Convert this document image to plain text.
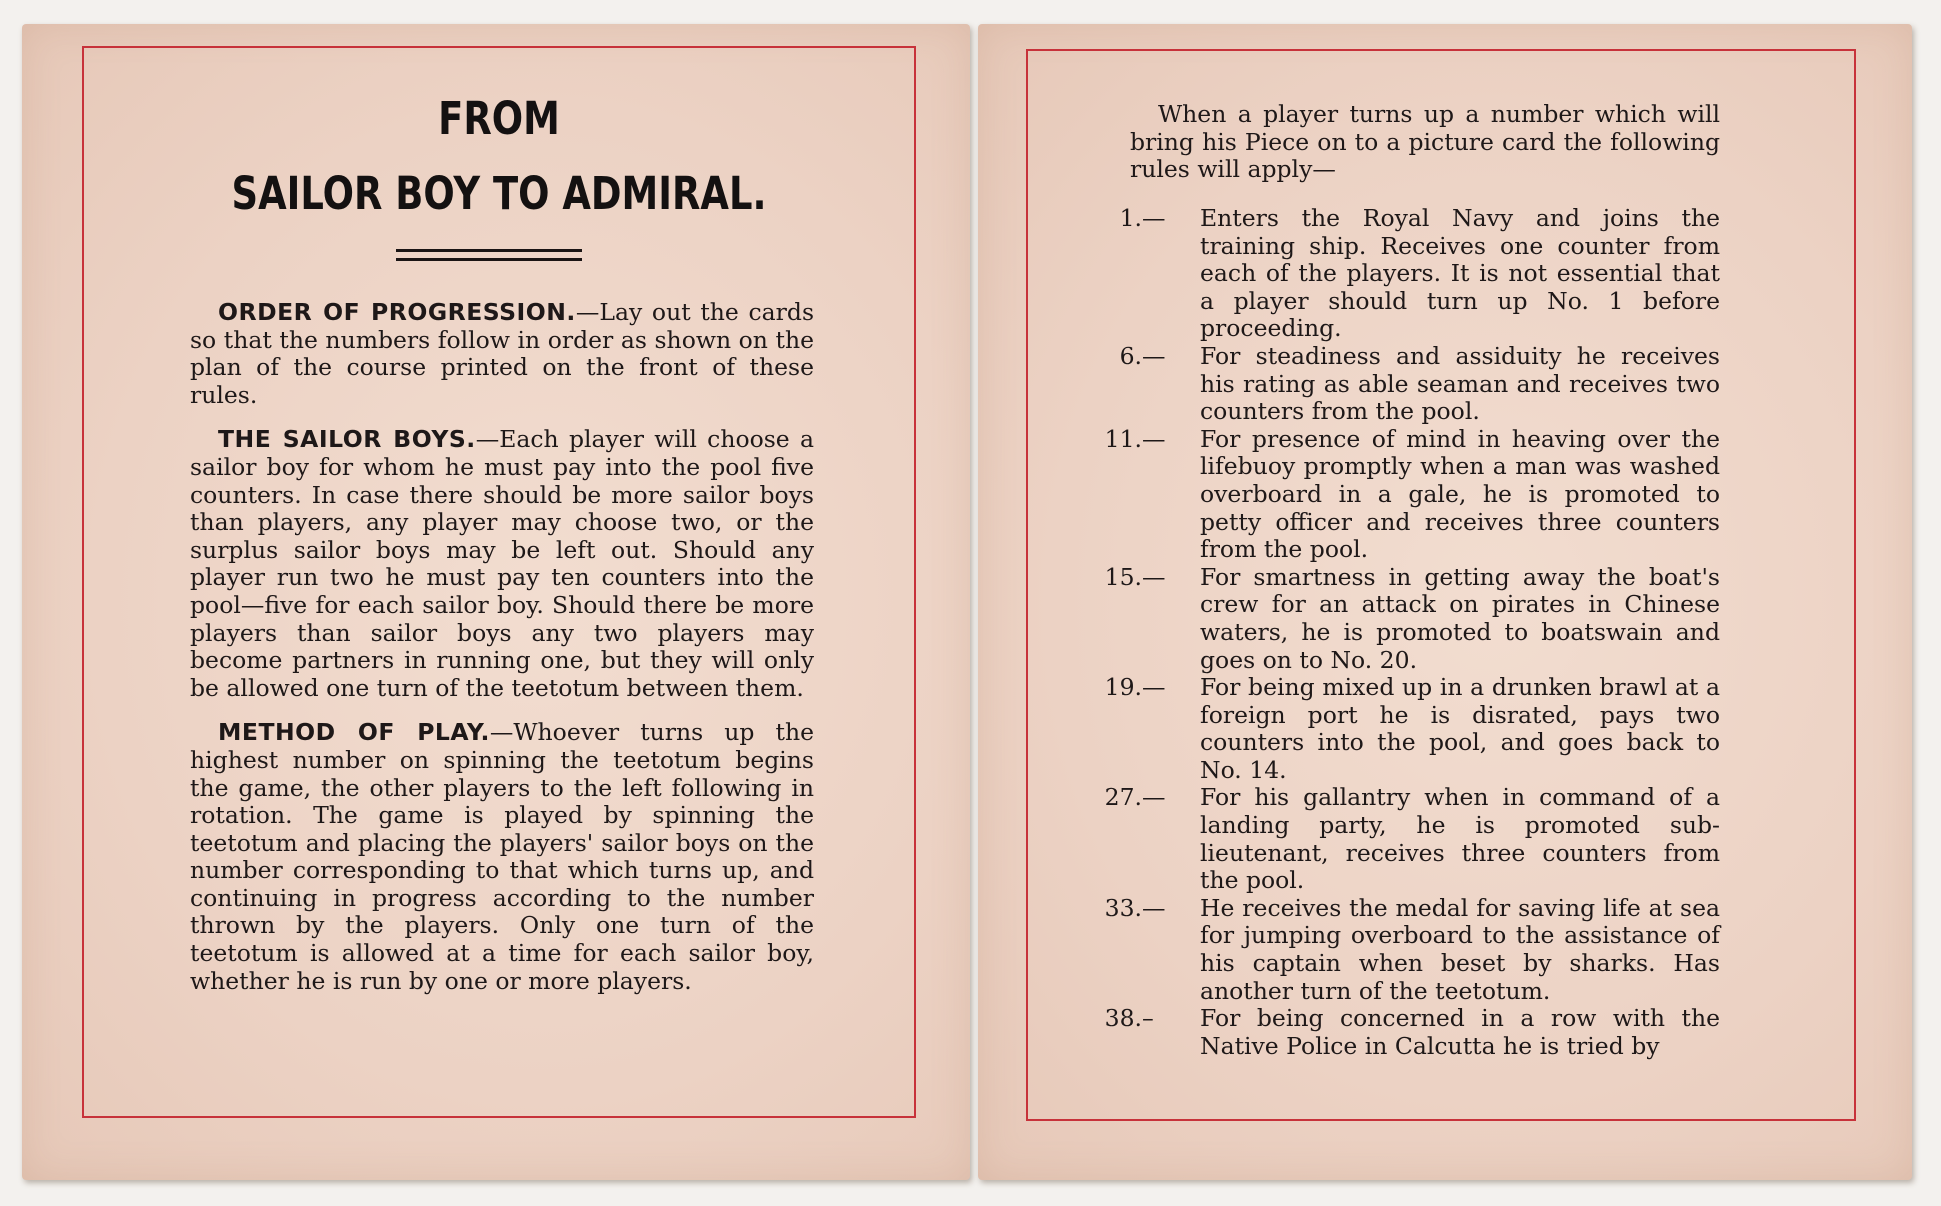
FROM
SAILOR BOY TO ADMIRAL.

ORDER OF PROGRESSION.—Lay out the cards so that the numbers follow in order as shown on the plan of the course printed on the front of these rules.

THE SAILOR BOYS.—Each player will choose a sailor boy for whom he must pay into the pool five counters. In case there should be more sailor boys than players, any player may choose two, or the surplus sailor boys may be left out. Should any player run two he must pay ten counters into the pool—five for each sailor boy. Should there be more players than sailor boys any two players may become partners in running one, but they will only be allowed one turn of the teetotum between them.

METHOD OF PLAY.—Whoever turns up the highest number on spinning the teetotum begins the game, the other players to the left following in rotation. The game is played by spinning the teetotum and placing the players' sailor boys on the number corresponding to that which turns up, and continuing in progress according to the number thrown by the players. Only one turn of the teetotum is allowed at a time for each sailor boy, whether he is run by one or more players.

When a player turns up a number which will bring his Piece on to a picture card the following rules will apply—

1.— Enters the Royal Navy and joins the training ship. Receives one counter from each of the players. It is not essential that a player should turn up No. 1 before proceeding.
6.— For steadiness and assiduity he receives his rating as able seaman and receives two counters from the pool.
11.— For presence of mind in heaving over the lifebuoy promptly when a man was washed overboard in a gale, he is promoted to petty officer and receives three counters from the pool.
15.— For smartness in getting away the boat's crew for an attack on pirates in Chinese waters, he is promoted to boatswain and goes on to No. 20.
19.— For being mixed up in a drunken brawl at a foreign port he is disrated, pays two counters into the pool, and goes back to No. 14.
27.— For his gallantry when in command of a landing party, he is promoted sub-lieutenant, receives three counters from the pool.
33.— He receives the medal for saving life at sea for jumping overboard to the assistance of his captain when beset by sharks. Has another turn of the teetotum.
38.– For being concerned in a row with the Native Police in Calcutta he is tried by
